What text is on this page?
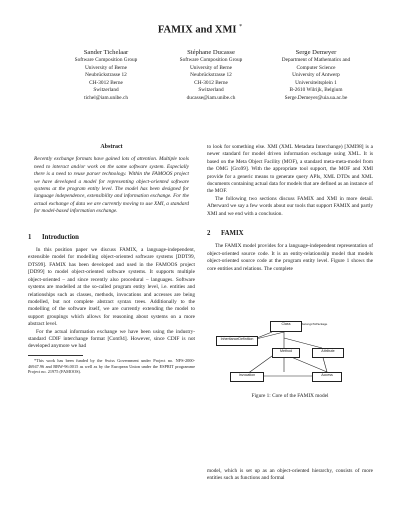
FAMIX and XMI *
Sander Tichelaar
Software Composition Group
University of Berne
Neubrückstrasse 12
CH-3012 Berne
Switzerland
tichel@iam.unibe.ch
Stéphane Ducasse
Software Composition Group
University of Berne
Neubrückstrasse 12
CH-3012 Berne
Switzerland
ducasse@iam.unibe.ch
Serge Demeyer
Department of Mathematics and
Computer Science
University of Antwerp
Universiteitsplein 1
B-2610 Wilrijk, Belgium
Serge.Demeyer@uia.ua.ac.be
Abstract
Recently exchange formats have gained lots of attention. Multiple tools need to interact and/or work on the same software system. Especially there is a need to reuse parser technology. Within the FAMOOS project we have developed a model for representing object-oriented software systems at the program entity level. The model has been designed for language independence, extensibility and information exchange. For the actual exchange of data we are currently moving to use XMI, a standard for model-based information exchange.
1 Introduction

In this position paper we discuss FAMIX, a language-independent, extensible model for modelling object-oriented software systems [DDT99, DTS99]. FAMIX has been developed and used in the FAMOOS project [DD99] to model object-oriented software systems. It supports multiple object-oriented – and since recently also procedural – languages. Software systems are modelled at the so-called program entity level, i.e. entities and relationships such as classes, methods, invocations and accesses are being modelled, but not complete abstract syntax trees. Additionally to the modelling of the software itself, we are currently extending the model to support groupings which allows for reasoning about systems on a more abstract level.

For the actual information exchange we have been using the industry-standard CDIF interchange format [Com94]. However, since CDIF is not developed anymore we had

*This work has been funded by the Swiss Government under Project no. NFS-2000-46947.96 and BBW-96.0015 as well as by the European Union under the ESPRIT programme Project no. 21975 (FAMOOS).

to look for something else. XMI (XML Metadata Interchange) [XMI98] is a newer standard for model driven information exchange using XML. It is based on the Meta Object Facility (MOF), a standard meta-meta-model from the OMG [Gro99]. With the appropriate tool support, the MOF and XMI provide for a generic means to generate query APIs, XML DTDs and XML documents containing actual data for models that are defined as an instance of the MOF.

The following two sections discuss FAMIX and XMI in more detail. Afterward we say a few words about our tools that support FAMIX and partly XMI and we end with a conclusion.

2 FAMIX

The FAMIX model provides for a language-independent representation of object-oriented source code. It is an entity-relationship model that models object-oriented source code at the program entity level. Figure 1 shows the core entities and relations. The complete

Class	belongsToPackage
InheritanceDefinition
Method	Attribute
Invocation	Access
Figure 1: Core of the FAMIX model

model, which is set up as an object-oriented hierarchy, consists of more entities such as functions and formal
